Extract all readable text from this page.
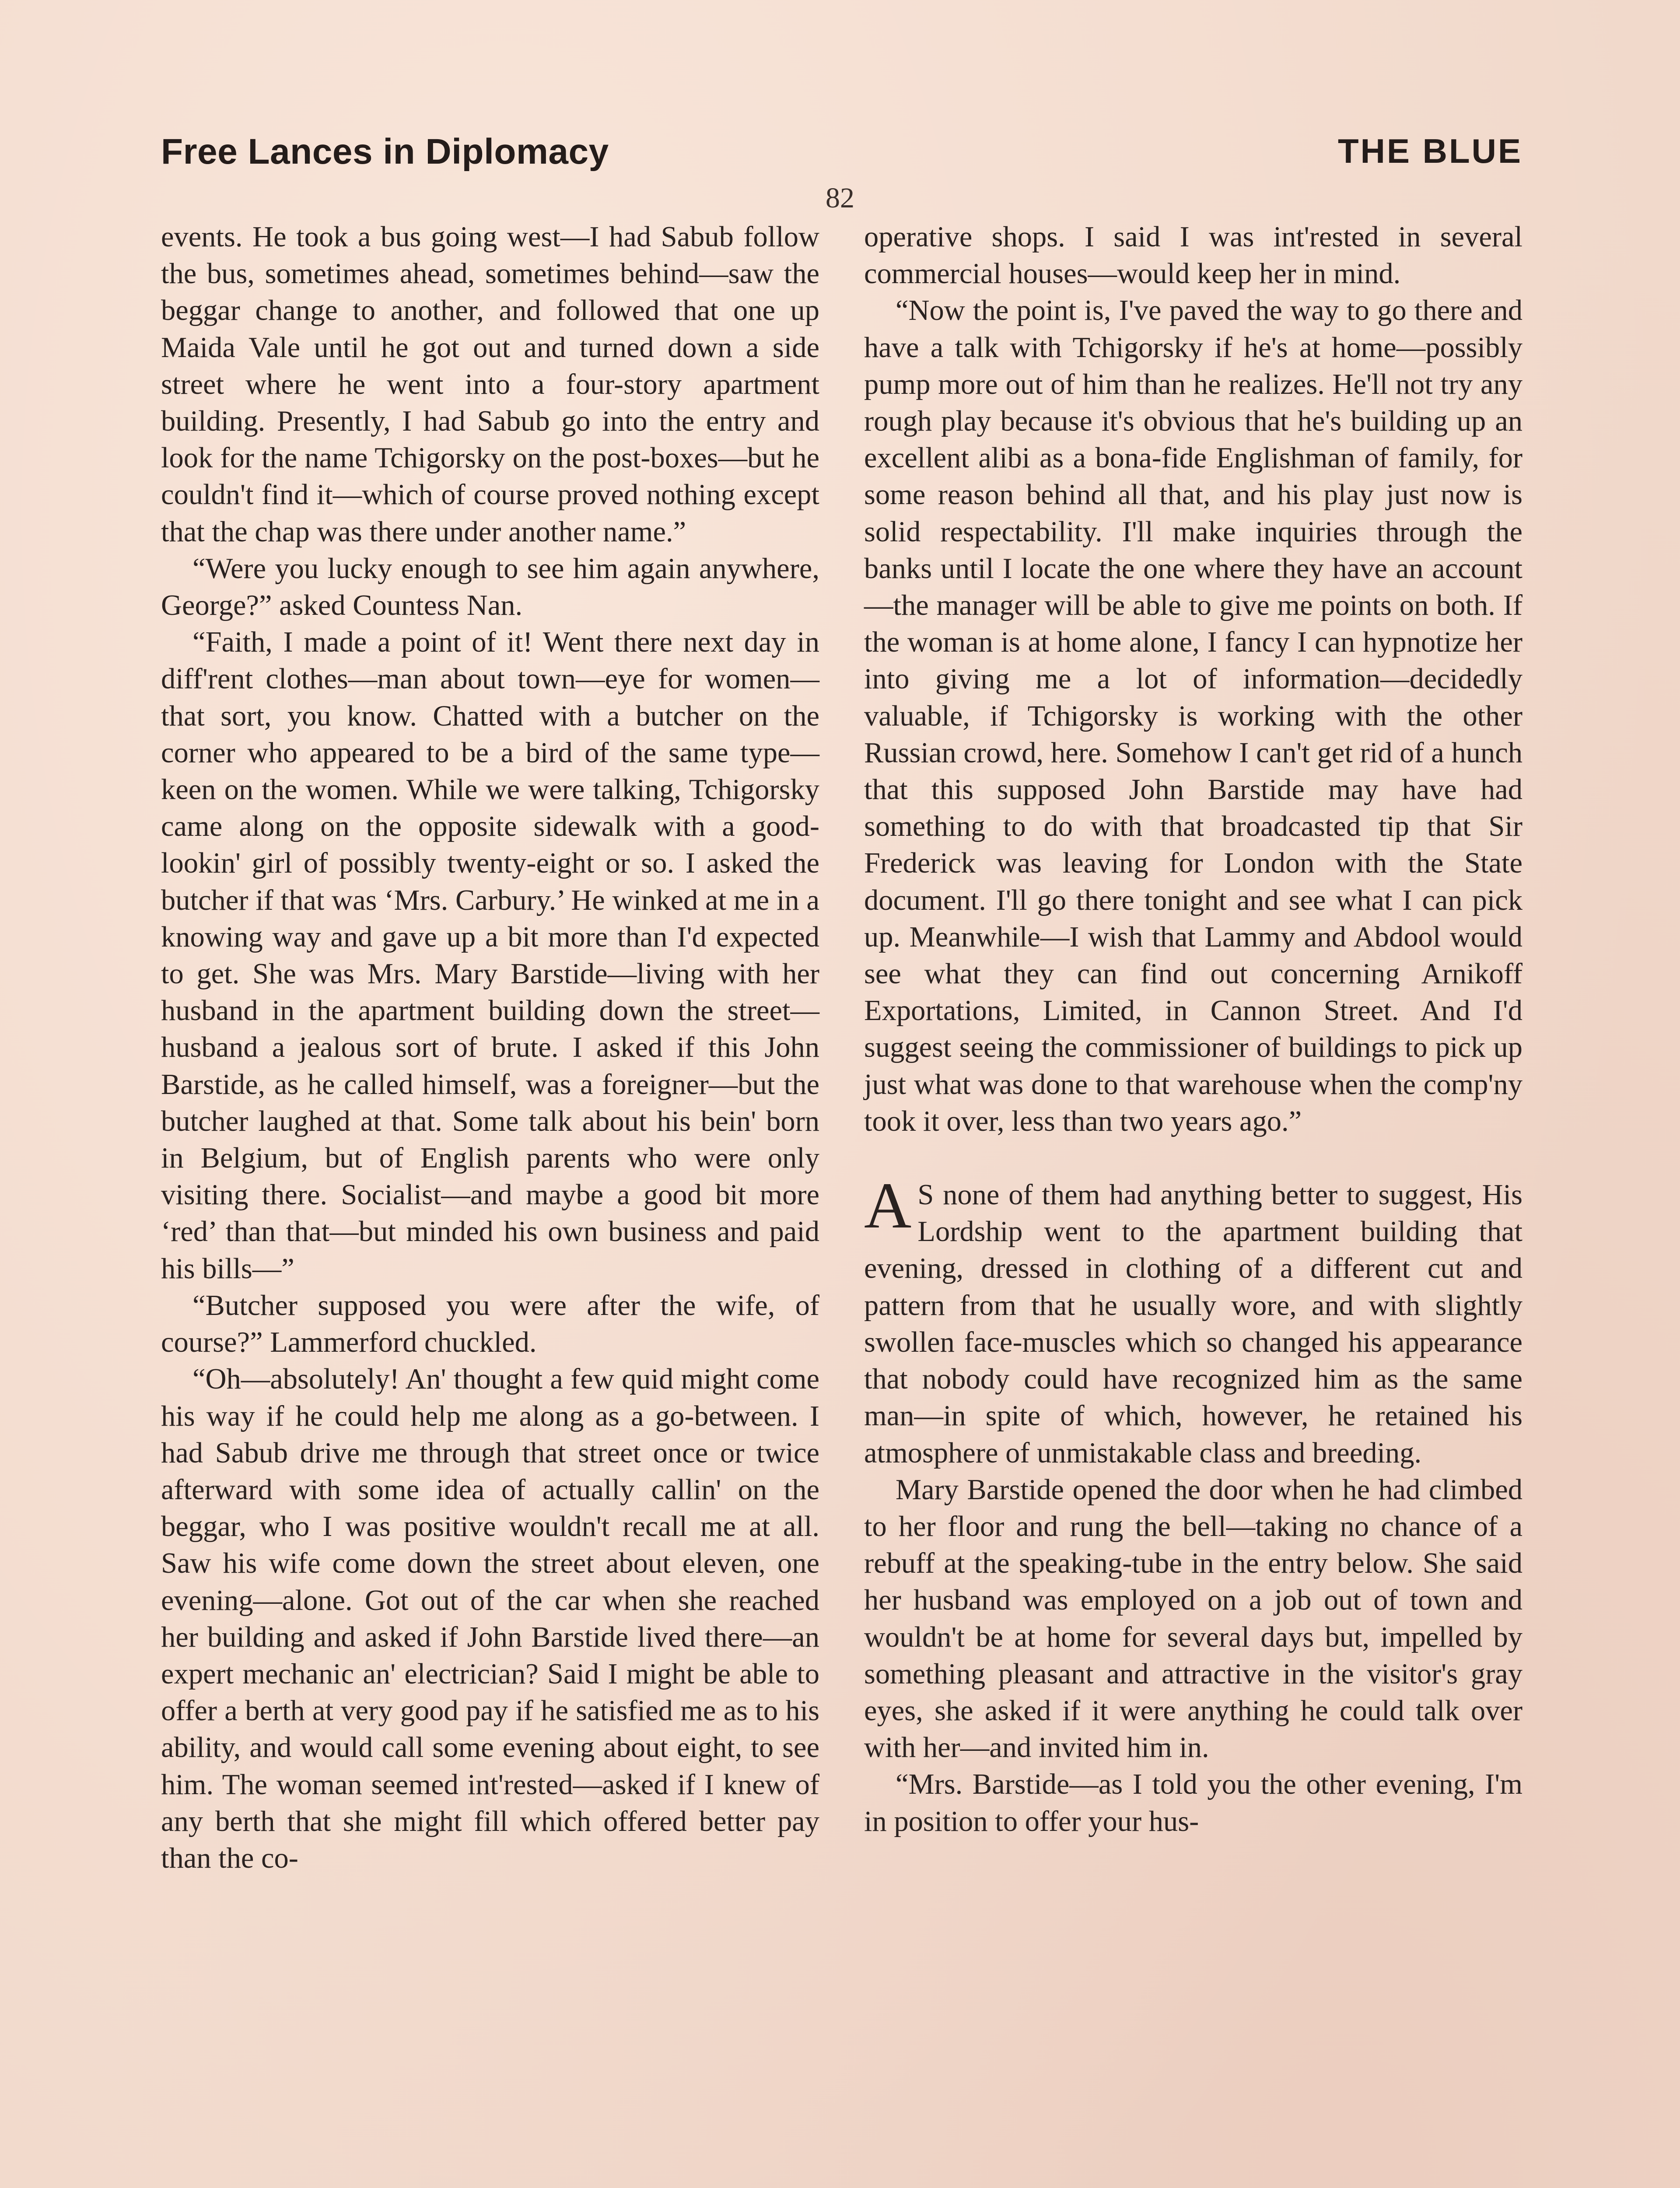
Free Lances in Diplomacy	THE BLUE
82

events. He took a bus going west—I had Sabub follow the bus, sometimes ahead, sometimes behind—saw the beggar change to another, and followed that one up Maida Vale until he got out and turned down a side street where he went into a four-story apartment building. Presently, I had Sabub go into the entry and look for the name Tchigorsky on the post-boxes—but he couldn't find it—which of course proved nothing except that the chap was there under another name.”

“Were you lucky enough to see him again anywhere, George?” asked Countess Nan.

“Faith, I made a point of it! Went there next day in diff'rent clothes—man about town—eye for women—that sort, you know. Chatted with a butcher on the corner who appeared to be a bird of the same type—keen on the women. While we were talking, Tchigorsky came along on the opposite sidewalk with a good-lookin' girl of possibly twenty-eight or so. I asked the butcher if that was ‘Mrs. Carbury.’ He winked at me in a knowing way and gave up a bit more than I'd expected to get. She was Mrs. Mary Barstide—living with her husband in the apartment building down the street—husband a jealous sort of brute. I asked if this John Barstide, as he called himself, was a foreigner—but the butcher laughed at that. Some talk about his bein' born in Belgium, but of English parents who were only visiting there. Socialist—and maybe a good bit more ‘red’ than that—but minded his own business and paid his bills—”

“Butcher supposed you were after the wife, of course?” Lammerford chuckled.

“Oh—absolutely! An' thought a few quid might come his way if he could help me along as a go-between. I had Sabub drive me through that street once or twice afterward with some idea of actually callin' on the beggar, who I was positive wouldn't recall me at all. Saw his wife come down the street about eleven, one evening—alone. Got out of the car when she reached her building and asked if John Barstide lived there—an expert mechanic an' electrician? Said I might be able to offer a berth at very good pay if he satisfied me as to his ability, and would call some evening about eight, to see him. The woman seemed int'rested—asked if I knew of any berth that she might fill which offered better pay than the co-

operative shops. I said I was int'rested in several commercial houses—would keep her in mind.

“Now the point is, I've paved the way to go there and have a talk with Tchigorsky if he's at home—possibly pump more out of him than he realizes. He'll not try any rough play because it's obvious that he's building up an excellent alibi as a bona-fide Englishman of family, for some reason behind all that, and his play just now is solid respectability. I'll make inquiries through the banks until I locate the one where they have an account—the manager will be able to give me points on both. If the woman is at home alone, I fancy I can hypnotize her into giving me a lot of information—decidedly valuable, if Tchigorsky is working with the other Russian crowd, here. Somehow I can't get rid of a hunch that this supposed John Barstide may have had something to do with that broadcasted tip that Sir Frederick was leaving for London with the State document. I'll go there tonight and see what I can pick up. Meanwhile—I wish that Lammy and Abdool would see what they can find out concerning Arnikoff Exportations, Limited, in Cannon Street. And I'd suggest seeing the commissioner of buildings to pick up just what was done to that warehouse when the comp'ny took it over, less than two years ago.”

A S none of them had anything better to suggest, His Lordship went to the apartment building that evening, dressed in clothing of a different cut and pattern from that he usually wore, and with slightly swollen face-muscles which so changed his appearance that nobody could have recognized him as the same man—in spite of which, however, he retained his atmosphere of unmistakable class and breeding.

Mary Barstide opened the door when he had climbed to her floor and rung the bell—taking no chance of a rebuff at the speaking-tube in the entry below. She said her husband was employed on a job out of town and wouldn't be at home for several days but, impelled by something pleasant and attractive in the visitor's gray eyes, she asked if it were anything he could talk over with her—and invited him in.

“Mrs. Barstide—as I told you the other evening, I'm in position to offer your hus-
